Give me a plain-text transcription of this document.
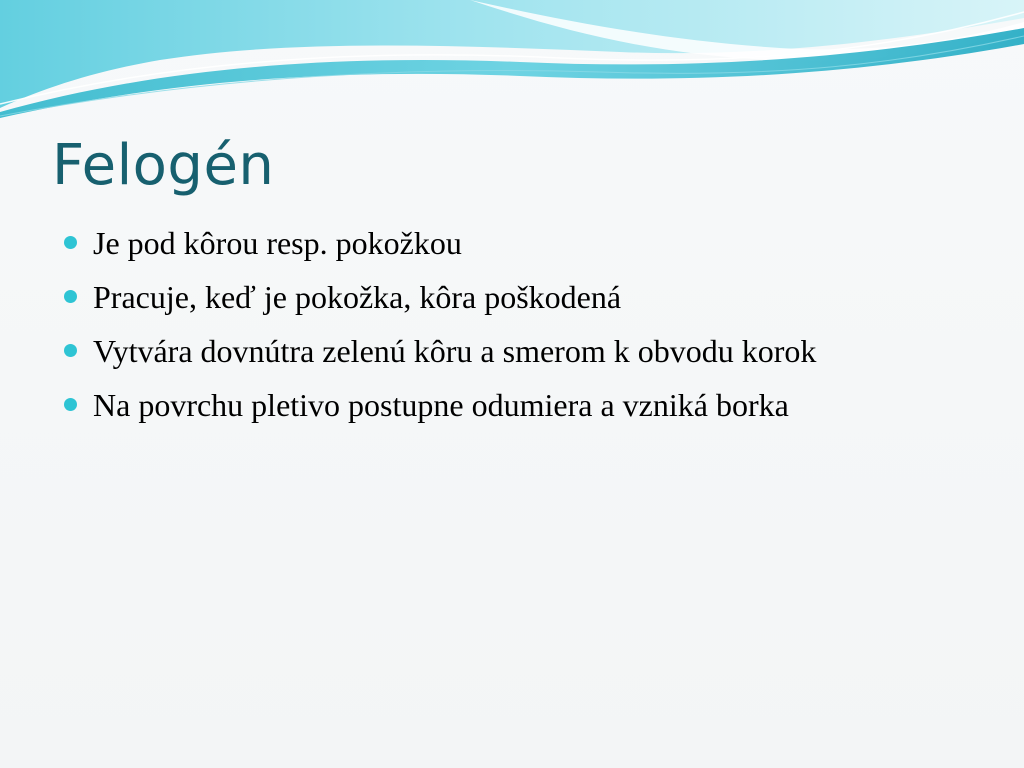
Felogén
Je pod kôrou resp. pokožkou
Pracuje, keď je pokožka, kôra poškodená
Vytvára dovnútra zelenú kôru a smerom k obvodu korok
Na povrchu pletivo postupne odumiera a vzniká borka
